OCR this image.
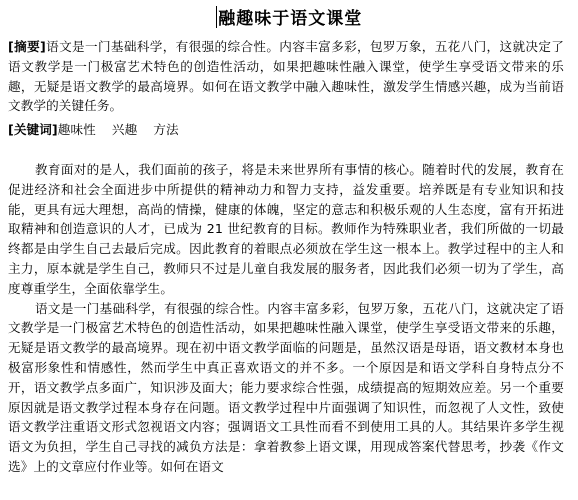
融趣味于语文课堂

[摘要]语文是一门基础科学，有很强的综合性。内容丰富多彩，包罗万象，五花八门，这就决定了语文教学是一门极富艺术特色的创造性活动，如果把趣味性融入课堂，使学生享受语文带来的乐趣，无疑是语文教学的最高境界。如何在语文教学中融入趣味性，激发学生情感兴趣，成为当前语文教学的关键任务。

[关键词]趣味性 兴趣 方法

教育面对的是人，我们面前的孩子，将是未来世界所有事情的核心。随着时代的发展，教育在促进经济和社会全面进步中所提供的精神动力和智力支持，益发重要。培养既是有专业知识和技能，更具有远大理想，高尚的情操，健康的体魄，坚定的意志和积极乐观的人生态度，富有开拓进取精神和创造意识的人才，已成为 21 世纪教育的目标。教师作为特殊职业者，我们所做的一切最终都是由学生自己去最后完成。因此教育的着眼点必须放在学生这一根本上。教学过程中的主人和主力，原本就是学生自己，教师只不过是儿童自我发展的服务者，因此我们必须一切为了学生，高度尊重学生，全面依靠学生。

语文是一门基础科学，有很强的综合性。内容丰富多彩，包罗万象，五花八门，这就决定了语文教学是一门极富艺术特色的创造性活动，如果把趣味性融入课堂，使学生享受语文带来的乐趣，无疑是语文教学的最高境界。现在初中语文教学面临的问题是，虽然汉语是母语，语文教材本身也极富形象性和情感性，然而学生中真正喜欢语文的并不多。一个原因是和语文学科自身特点分不开，语文教学点多面广，知识涉及面大；能力要求综合性强，成绩提高的短期效应差。另一个重要原因就是语文教学过程本身存在问题。语文教学过程中片面强调了知识性，而忽视了人文性，致使语文教学注重语文形式忽视语文内容；强调语文工具性而看不到使用工具的人。其结果许多学生视语文为负担，学生自己寻找的减负方法是：拿着教参上语文课，用现成答案代替思考，抄袭《作文选》上的文章应付作业等。如何在语文
